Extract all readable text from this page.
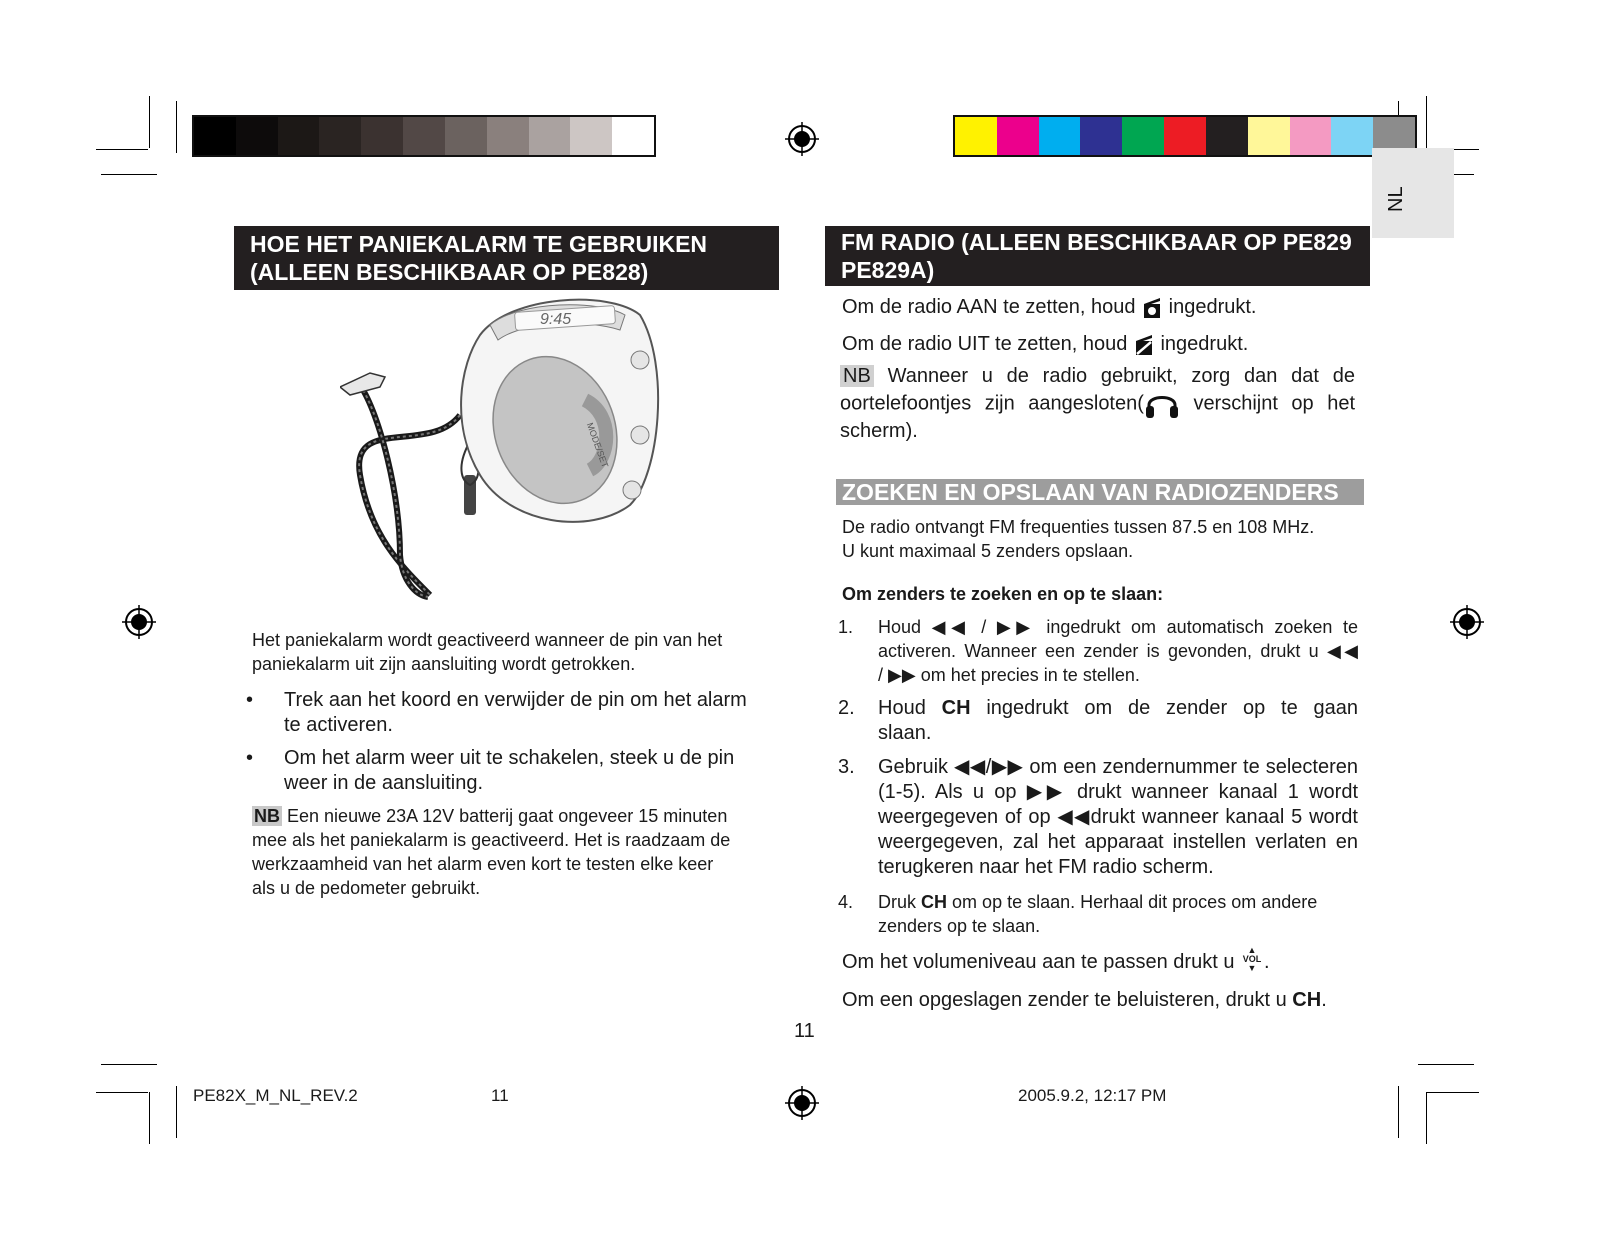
NL
HOE HET PANIEKALARM TE GEBRUIKEN
(ALLEEN BESCHIKBAAR OP PE828)
9:45
MODE/SET

Het paniekalarm wordt geactiveerd wanneer de pin van het

paniekalarm uit zijn aansluiting wordt getrokken.

• Trek aan het koord en verwijder de pin om het alarm

te activeren.

• Om het alarm weer uit te schakelen, steek u de pin

weer in de aansluiting.

NB Een nieuwe 23A 12V batterij gaat ongeveer 15 minuten

mee als het paniekalarm is geactiveerd. Het is raadzaam de

werkzaamheid van het alarm even kort te testen elke keer

als u de pedometer gebruikt.

FM RADIO (ALLEEN BESCHIKBAAR OP PE829
PE829A)
Om de radio AAN te zetten, houd ingedrukt.
Om de radio UIT te zetten, houd ingedrukt.

NB Wanneer u de radio gebruikt, zorg dan dat de

oortelefoontjes zijn aangesloten( verschijnt op het

scherm).

ZOEKEN EN OPSLAAN VAN RADIOZENDERS

De radio ontvangt FM frequenties tussen 87.5 en 108 MHz.

U kunt maximaal 5 zenders opslaan.

Om zenders te zoeken en op te slaan:
1. Houd ◀◀ / ▶▶ ingedrukt om automatisch zoeken te

activeren. Wanneer een zender is gevonden, drukt u ◀◀

/ ▶▶ om het precies in te stellen.

2. Houd CH ingedrukt om de zender op te gaan

slaan.

3. Gebruik ◀◀/▶▶ om een zendernummer te selecteren

(1-5). Als u op ▶▶ drukt wanneer kanaal 1 wordt

weergegeven of op ◀◀drukt wanneer kanaal 5 wordt

weergegeven, zal het apparaat instellen verlaten en

terugkeren naar het FM radio scherm.

4. Druk CH om op te slaan. Herhaal dit proces om andere

zenders op te slaan.

Om het volumeniveau aan te passen drukt u ▲
VOL
▼ .
Om een opgeslagen zender te beluisteren, drukt u CH.
11
PE82X_M_NL_REV.2	11	2005.9.2, 12:17 PM
